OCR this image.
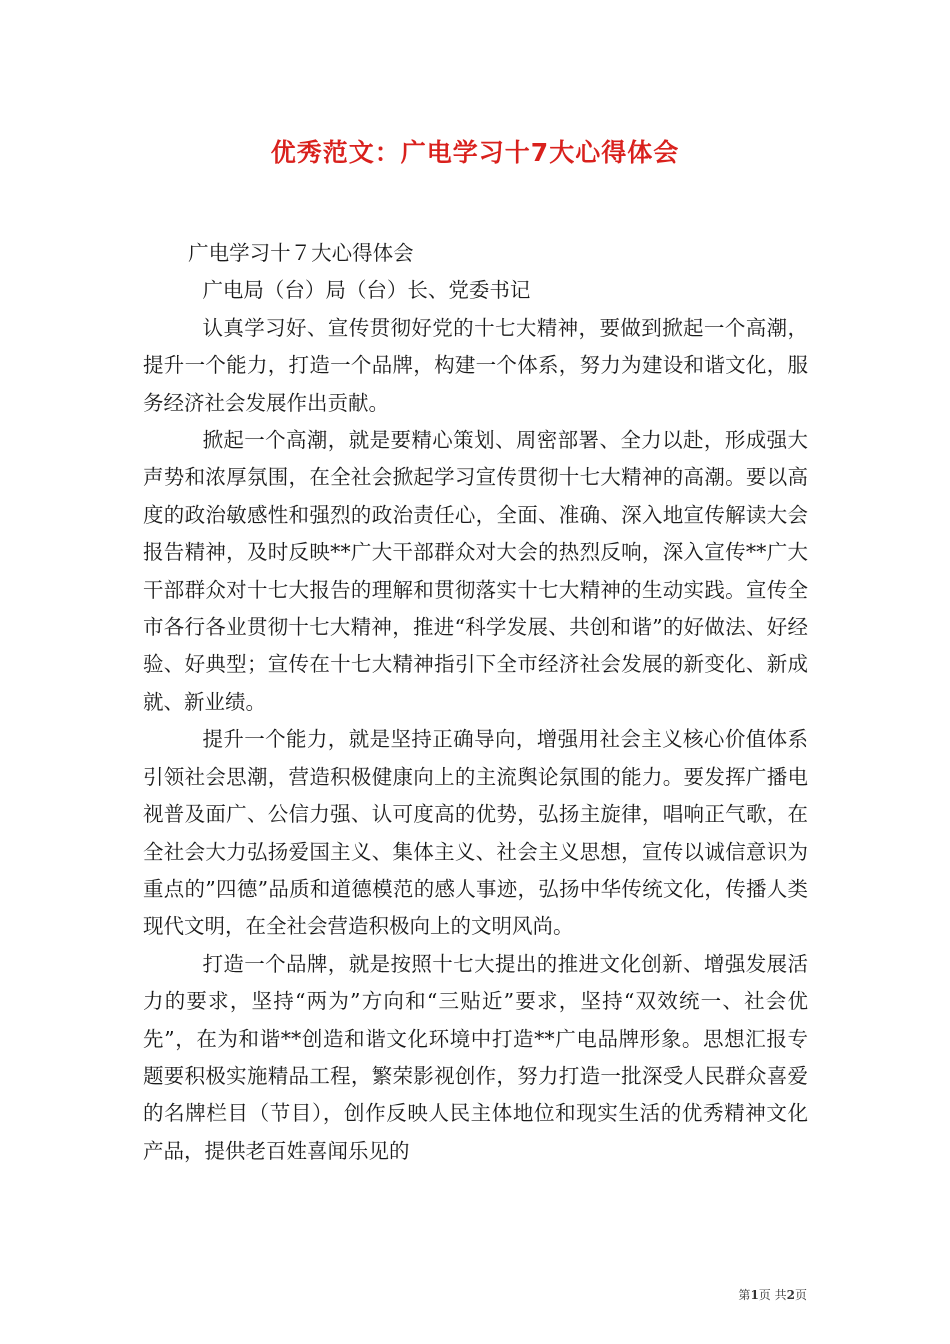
优秀范文：广电学习十7大心得体会

广电学习十７大心得体会

广电局（台）局（台）长、党委书记

认真学习好、宣传贯彻好党的十七大精神，要做到掀起一个高潮，提升一个能力，打造一个品牌，构建一个体系，努力为建设和谐文化，服务经济社会发展作出贡献。

掀起一个高潮，就是要精心策划、周密部署、全力以赴，形成强大声势和浓厚氛围，在全社会掀起学习宣传贯彻十七大精神的高潮。要以高度的政治敏感性和强烈的政治责任心，全面、准确、深入地宣传解读大会报告精神，及时反映**广大干部群众对大会的热烈反响，深入宣传**广大干部群众对十七大报告的理解和贯彻落实十七大精神的生动实践。宣传全市各行各业贯彻十七大精神，推进“科学发展、共创和谐”的好做法、好经验、好典型；宣传在十七大精神指引下全市经济社会发展的新变化、新成就、新业绩。

提升一个能力，就是坚持正确导向，增强用社会主义核心价值体系引领社会思潮，营造积极健康向上的主流舆论氛围的能力。要发挥广播电视普及面广、公信力强、认可度高的优势，弘扬主旋律，唱响正气歌，在全社会大力弘扬爱国主义、集体主义、社会主义思想，宣传以诚信意识为重点的”四德”品质和道德模范的感人事迹，弘扬中华传统文化，传播人类现代文明，在全社会营造积极向上的文明风尚。

打造一个品牌，就是按照十七大提出的推进文化创新、增强发展活力的要求，坚持“两为”方向和“三贴近”要求，坚持“双效统一、社会优先”，在为和谐**创造和谐文化环境中打造**广电品牌形象。思想汇报专题要积极实施精品工程，繁荣影视创作，努力打造一批深受人民群众喜爱的名牌栏目（节目），创作反映人民主体地位和现实生活的优秀精神文化产品，提供老百姓喜闻乐见的

第1页 共2页
